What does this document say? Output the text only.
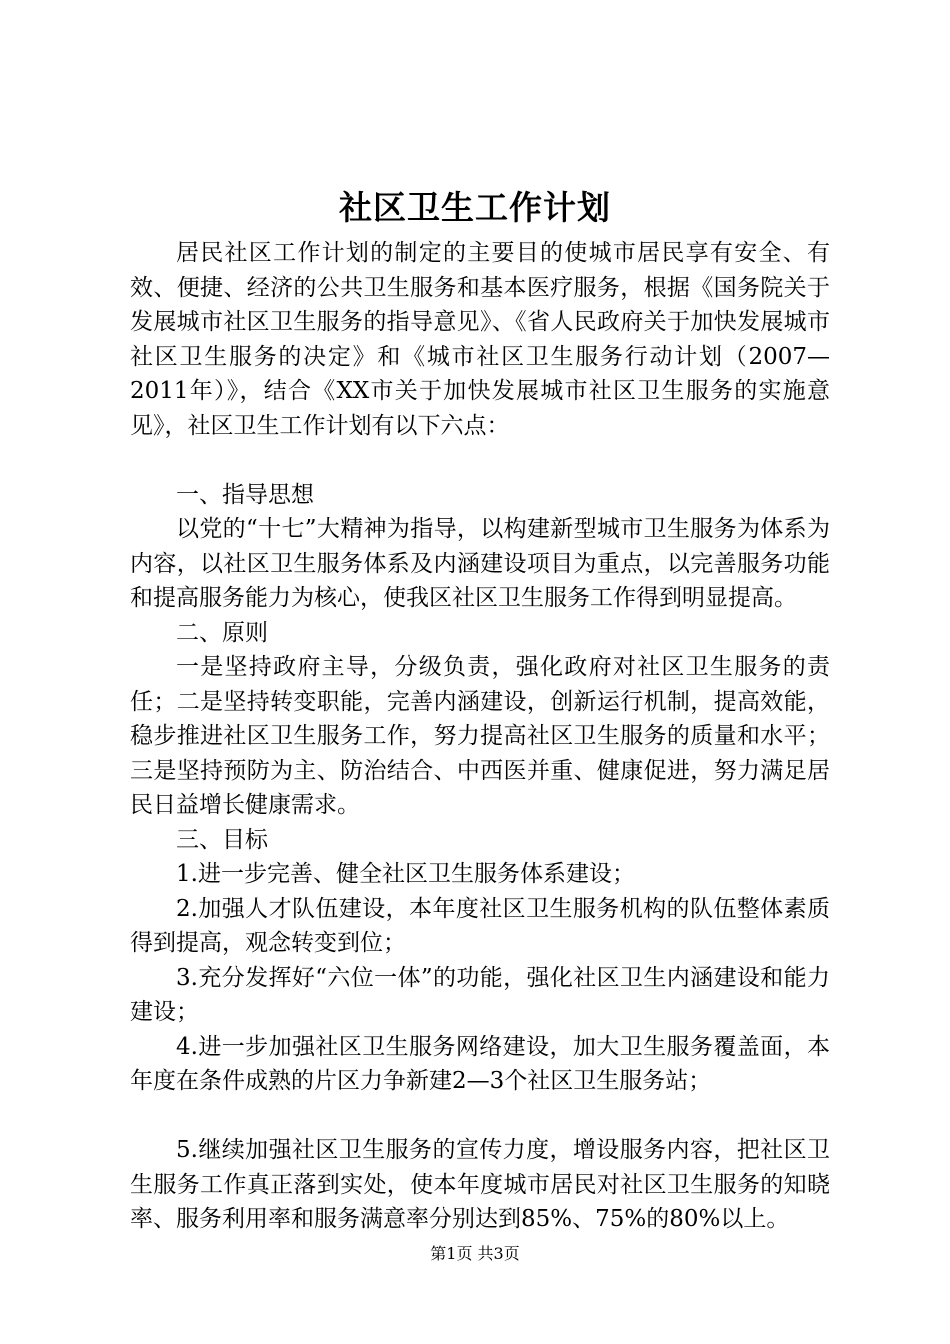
社区卫生工作计划

居民社区工作计划的制定的主要目的使城市居民享有安全、有效、便捷、经济的公共卫生服务和基本医疗服务，根据《国务院关于发展城市社区卫生服务的指导意见》、《省人民政府关于加快发展城市社区卫生服务的决定》和《城市社区卫生服务行动计划（2007—2011年）》，结合《XX市关于加快发展城市社区卫生服务的实施意见》，社区卫生工作计划有以下六点：

一、指导思想

以党的“十七”大精神为指导，以构建新型城市卫生服务为体系为内容，以社区卫生服务体系及内涵建设项目为重点，以完善服务功能和提高服务能力为核心，使我区社区卫生服务工作得到明显提高。

二、原则

一是坚持政府主导，分级负责，强化政府对社区卫生服务的责任；二是坚持转变职能，完善内涵建设，创新运行机制，提高效能，稳步推进社区卫生服务工作，努力提高社区卫生服务的质量和水平；三是坚持预防为主、防治结合、中西医并重、健康促进，努力满足居民日益增长健康需求。

三、目标

1.进一步完善、健全社区卫生服务体系建设；

2.加强人才队伍建设，本年度社区卫生服务机构的队伍整体素质得到提高，观念转变到位；

3.充分发挥好“六位一体”的功能，强化社区卫生内涵建设和能力建设；

4.进一步加强社区卫生服务网络建设，加大卫生服务覆盖面，本年度在条件成熟的片区力争新建2—3个社区卫生服务站；

5.继续加强社区卫生服务的宣传力度，增设服务内容，把社区卫生服务工作真正落到实处，使本年度城市居民对社区卫生服务的知晓率、服务利用率和服务满意率分别达到85%、75%的80%以上。

第1页 共3页
